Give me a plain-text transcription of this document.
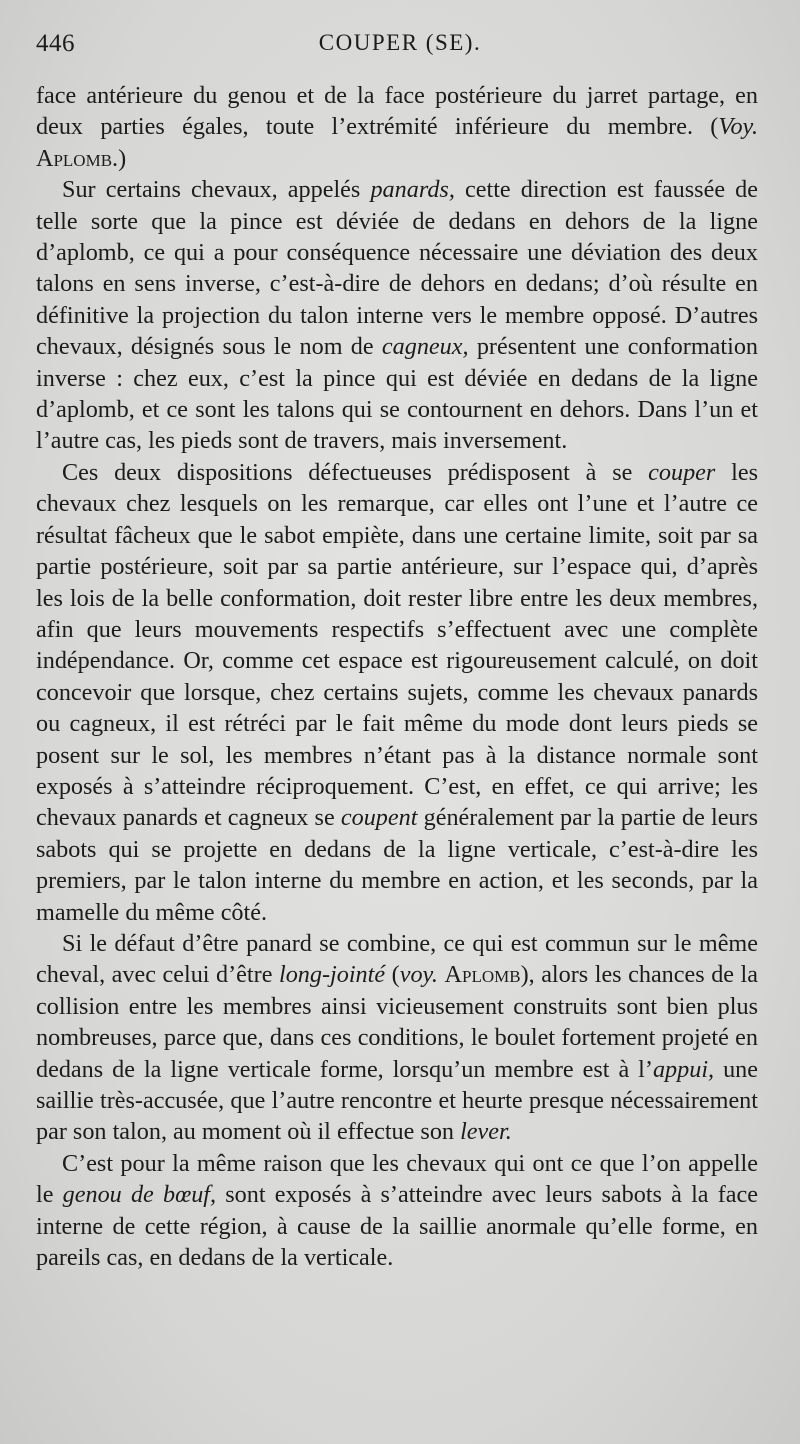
446	COUPER (SE).

face antérieure du genou et de la face postérieure du jarret partage, en deux parties égales, toute l’extrémité inférieure du membre. (Voy. Aplomb.)

Sur certains chevaux, appelés panards, cette direction est faussée de telle sorte que la pince est déviée de dedans en dehors de la ligne d’aplomb, ce qui a pour conséquence nécessaire une déviation des deux talons en sens inverse, c’est-à-dire de dehors en dedans; d’où résulte en définitive la projection du talon interne vers le membre opposé. D’autres chevaux, désignés sous le nom de cagneux, présentent une conformation inverse : chez eux, c’est la pince qui est déviée en dedans de la ligne d’aplomb, et ce sont les talons qui se contournent en dehors. Dans l’un et l’autre cas, les pieds sont de travers, mais inversement.

Ces deux dispositions défectueuses prédisposent à se couper les chevaux chez lesquels on les remarque, car elles ont l’une et l’autre ce résultat fâcheux que le sabot empiète, dans une certaine limite, soit par sa partie postérieure, soit par sa partie antérieure, sur l’espace qui, d’après les lois de la belle conformation, doit rester libre entre les deux membres, afin que leurs mouvements respectifs s’effectuent avec une complète indépendance. Or, comme cet espace est rigoureusement calculé, on doit concevoir que lorsque, chez certains sujets, comme les chevaux panards ou cagneux, il est rétréci par le fait même du mode dont leurs pieds se posent sur le sol, les membres n’étant pas à la distance normale sont exposés à s’atteindre réciproquement. C’est, en effet, ce qui arrive; les chevaux panards et cagneux se coupent généralement par la partie de leurs sabots qui se projette en dedans de la ligne verticale, c’est-à-dire les premiers, par le talon interne du membre en action, et les seconds, par la mamelle du même côté.

Si le défaut d’être panard se combine, ce qui est commun sur le même cheval, avec celui d’être long-jointé (voy. Aplomb), alors les chances de la collision entre les membres ainsi vicieusement construits sont bien plus nombreuses, parce que, dans ces conditions, le boulet fortement projeté en dedans de la ligne verticale forme, lorsqu’un membre est à l’appui, une saillie très-accusée, que l’autre rencontre et heurte presque nécessairement par son talon, au moment où il effectue son lever.

C’est pour la même raison que les chevaux qui ont ce que l’on appelle le genou de bœuf, sont exposés à s’atteindre avec leurs sabots à la face interne de cette région, à cause de la saillie anormale qu’elle forme, en pareils cas, en dedans de la verticale.
